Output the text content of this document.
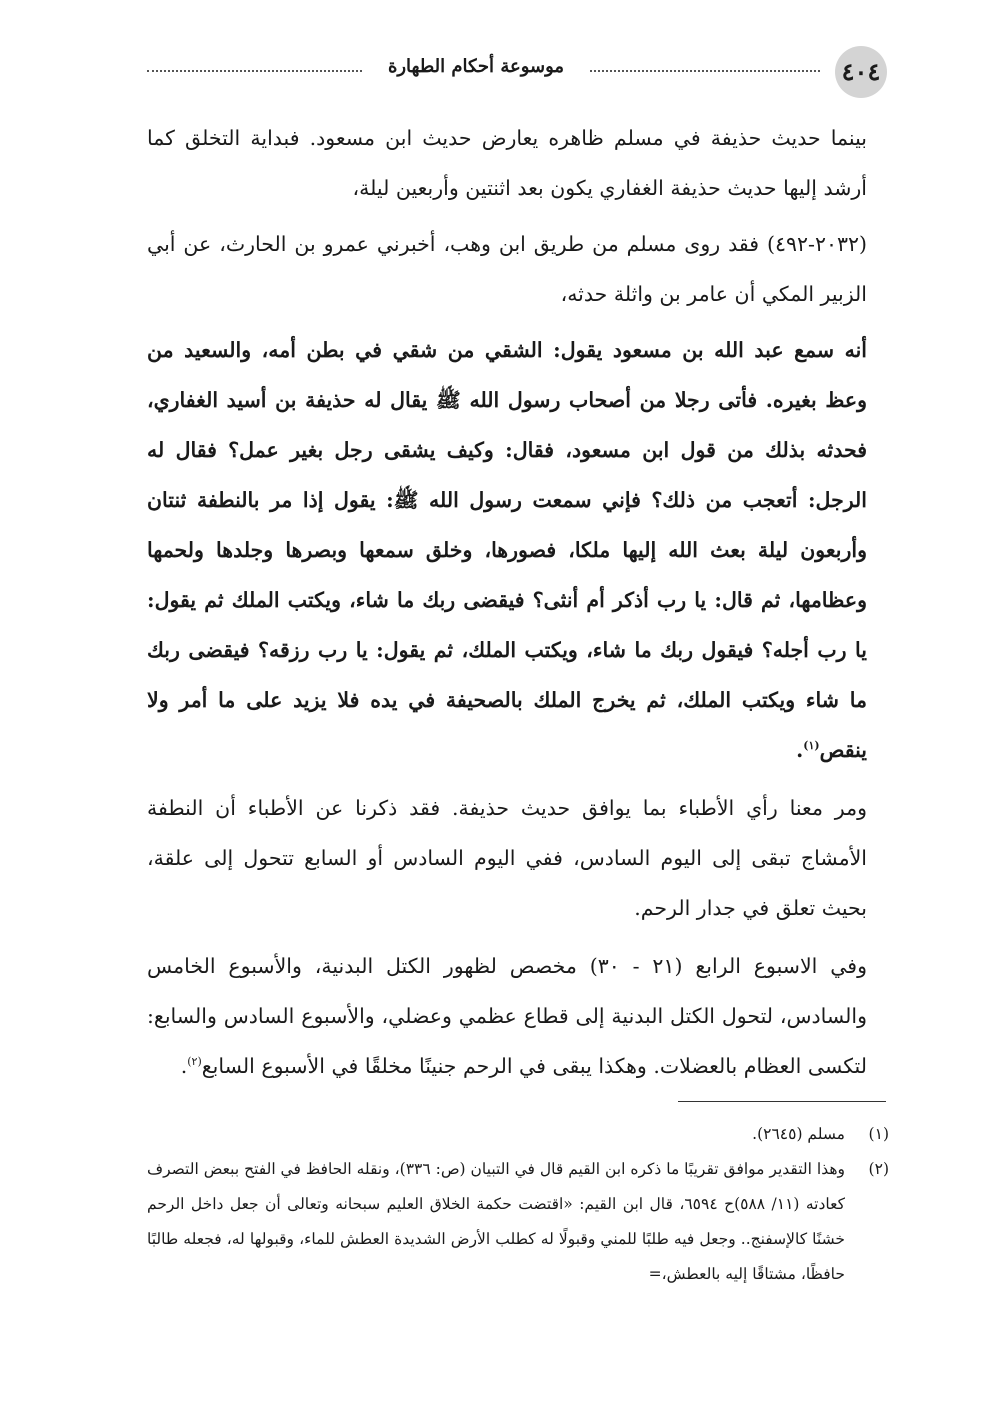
٤٠٤
موسوعة أحكام الطهارة

بينما حديث حذيفة في مسلم ظاهره يعارض حديث ابن مسعود. فبداية التخلق كما أرشد إليها حديث حذيفة الغفاري يكون بعد اثنتين وأربعين ليلة،

(٢٠٣٢-٤٩٢) فقد روى مسلم من طريق ابن وهب، أخبرني عمرو بن الحارث، عن أبي الزبير المكي أن عامر بن واثلة حدثه،

أنه سمع عبد الله بن مسعود يقول: الشقي من شقي في بطن أمه، والسعيد من وعظ بغيره. فأتى رجلا من أصحاب رسول الله ﷺ يقال له حذيفة بن أسيد الغفاري، فحدثه بذلك من قول ابن مسعود، فقال: وكيف يشقى رجل بغير عمل؟ فقال له الرجل: أتعجب من ذلك؟ فإني سمعت رسول الله ﷺ: يقول إذا مر بالنطفة ثنتان وأربعون ليلة بعث الله إليها ملكا، فصورها، وخلق سمعها وبصرها وجلدها ولحمها وعظامها، ثم قال: يا رب أذكر أم أنثى؟ فيقضى ربك ما شاء، ويكتب الملك ثم يقول: يا رب أجله؟ فيقول ربك ما شاء، ويكتب الملك، ثم يقول: يا رب رزقه؟ فيقضى ربك ما شاء ويكتب الملك، ثم يخرج الملك بالصحيفة في يده فلا يزيد على ما أمر ولا ينقص$^{(١)}$.

ومر معنا رأي الأطباء بما يوافق حديث حذيفة. فقد ذكرنا عن الأطباء أن النطفة الأمشاج تبقى إلى اليوم السادس، ففي اليوم السادس أو السابع تتحول إلى علقة، بحيث تعلق في جدار الرحم.

وفي الاسبوع الرابع (٢١ - ٣٠) مخصص لظهور الكتل البدنية، والأسبوع الخامس والسادس، لتحول الكتل البدنية إلى قطاع عظمي وعضلي، والأسبوع السادس والسابع: لتكسى العظام بالعضلات. وهكذا يبقى في الرحم جنينًا مخلقًا في الأسبوع السابع$^{(٢)}$.

(١)
مسلم (٢٦٤٥).
(٢)
وهذا التقدير موافق تقريبًا ما ذكره ابن القيم قال في التبيان (ص: ٣٣٦)، ونقله الحافظ في الفتح ببعض التصرف كعادته (١١/ ٥٨٨)ح ٦٥٩٤، قال ابن القيم: «اقتضت حكمة الخلاق العليم سبحانه وتعالى أن جعل داخل الرحم خشنًا كالإسفنج.. وجعل فيه طلبًا للمني وقبولًا له كطلب الأرض الشديدة العطش للماء، وقبولها له، فجعله طالبًا حافظًا، مشتاقًا إليه بالعطش،=
